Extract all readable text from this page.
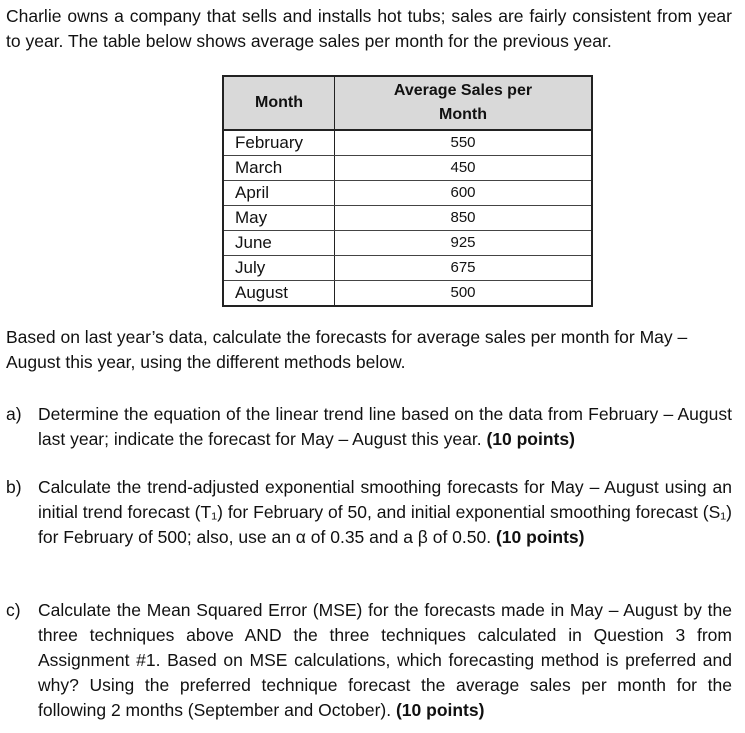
Charlie owns a company that sells and installs hot tubs; sales are fairly consistent from year to year. The table below shows average sales per month for the previous year.

Month	Average Sales per Month
February	550
March	450
April	600
May	850
June	925
July	675
August	500

Based on last year’s data, calculate the forecasts for average sales per month for May – August this year, using the different methods below.

a) Determine the equation of the linear trend line based on the data from February – August last year; indicate the forecast for May – August this year. (10 points)
b) Calculate the trend-adjusted exponential smoothing forecasts for May – August using an initial trend forecast (T₁) for February of 50, and initial exponential smoothing forecast (S₁) for February of 500; also, use an α of 0.35 and a β of 0.50. (10 points)
c) Calculate the Mean Squared Error (MSE) for the forecasts made in May – August by the three techniques above AND the three techniques calculated in Question 3 from Assignment #1. Based on MSE calculations, which forecasting method is preferred and why? Using the preferred technique forecast the average sales per month for the following 2 months (September and October). (10 points)
